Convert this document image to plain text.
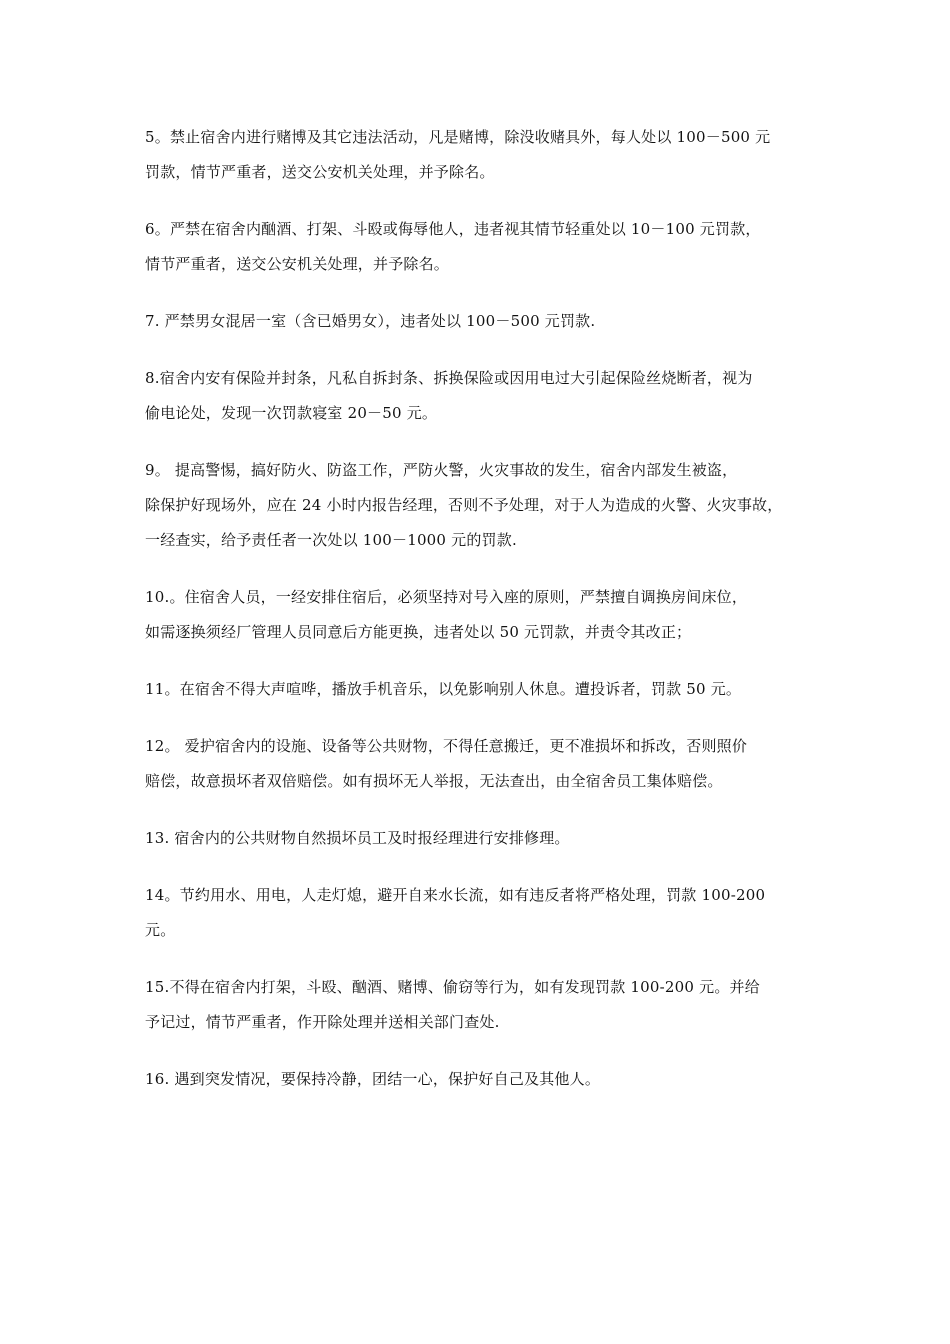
5。禁止宿舍内进行赌博及其它违法活动，凡是赌博，除没收赌具外，每人处以 100－500 元
罚款，情节严重者，送交公安机关处理，并予除名。

6。严禁在宿舍内酗酒、打架、斗殴或侮辱他人，违者视其情节轻重处以 10－100 元罚款，
情节严重者，送交公安机关处理，并予除名。

7. 严禁男女混居一室（含已婚男女），违者处以 100－500 元罚款.

8.宿舍内安有保险并封条，凡私自拆封条、拆换保险或因用电过大引起保险丝烧断者，视为
偷电论处，发现一次罚款寝室 20－50 元。

9。 提高警惕，搞好防火、防盗工作，严防火警，火灾事故的发生，宿舍内部发生被盗，
除保护好现场外，应在 24 小时内报告经理，否则不予处理，对于人为造成的火警、火灾事故，
一经查实，给予责任者一次处以 100－1000 元的罚款.

10.。住宿舍人员，一经安排住宿后，必须坚持对号入座的原则，严禁擅自调换房间床位，
如需逐换须经厂管理人员同意后方能更换，违者处以 50 元罚款，并责令其改正；

11。在宿舍不得大声喧哗，播放手机音乐，以免影响别人休息。遭投诉者，罚款 50 元。

12。 爱护宿舍内的设施、设备等公共财物，不得任意搬迁，更不准损坏和拆改，否则照价
赔偿，故意损坏者双倍赔偿。如有损坏无人举报，无法查出，由全宿舍员工集体赔偿。

13. 宿舍内的公共财物自然损坏员工及时报经理进行安排修理。

14。节约用水、用电，人走灯熄，避开自来水长流，如有违反者将严格处理，罚款 100-200
元。

15.不得在宿舍内打架，斗殴、酗酒、赌博、偷窃等行为，如有发现罚款 100-200 元。并给
予记过，情节严重者，作开除处理并送相关部门查处.

16. 遇到突发情况，要保持冷静，团结一心，保护好自己及其他人。
